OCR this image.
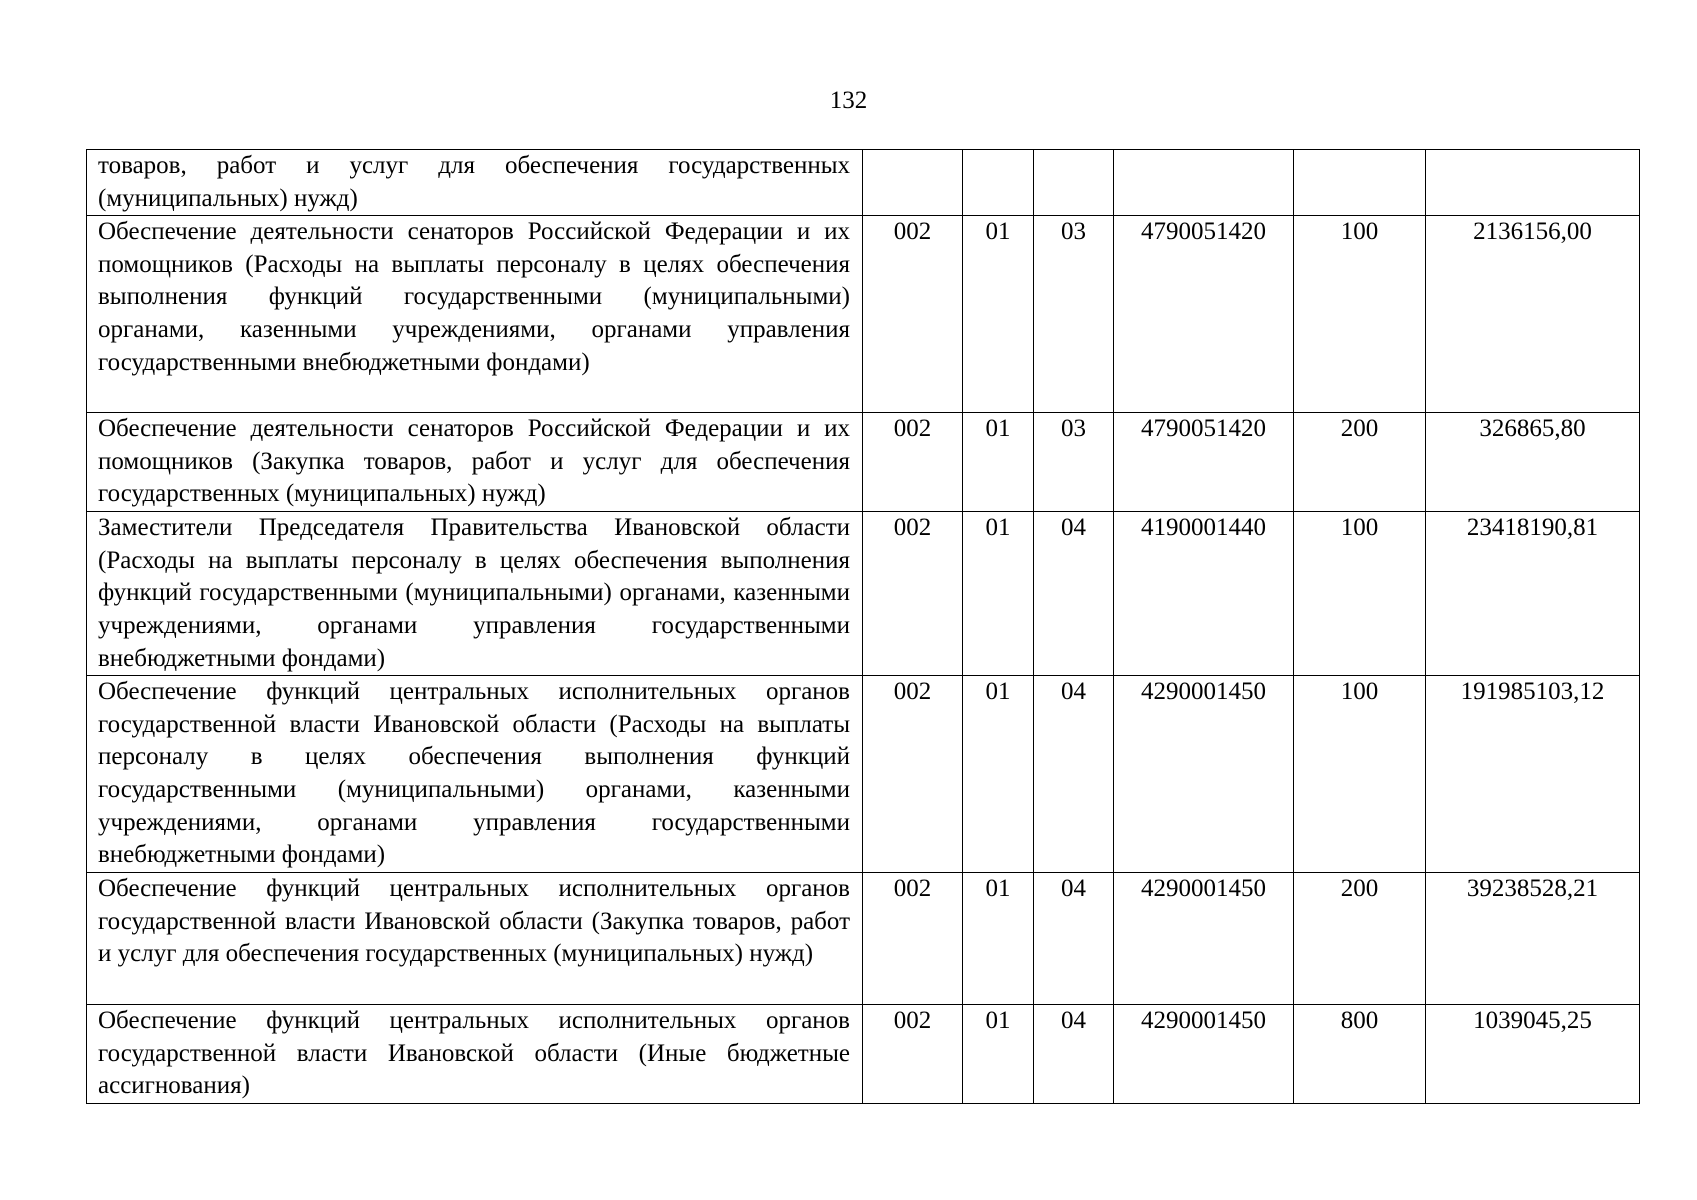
132
товаров, работ и услуг для обеспечения государственных (муниципальных) нужд)						
Обеспечение деятельности сенаторов Российской Федерации и их помощников (Расходы на выплаты персоналу в целях обеспечения выполнения функций государственными (муниципальными) органами, казенными учреждениями, органами управления государственными внебюджетными фондами)	002	01	03	4790051420	100	2136156,00
Обеспечение деятельности сенаторов Российской Федерации и их помощников (Закупка товаров, работ и услуг для обеспечения государственных (муниципальных) нужд)	002	01	03	4790051420	200	326865,80
Заместители Председателя Правительства Ивановской области (Расходы на выплаты персоналу в целях обеспечения выполнения функций государственными (муниципальными) органами, казенными учреждениями, органами управления государственными внебюджетными фондами)	002	01	04	4190001440	100	23418190,81
Обеспечение функций центральных исполнительных органов государственной власти Ивановской области (Расходы на выплаты персоналу в целях обеспечения выполнения функций государственными (муниципальными) органами, казенными учреждениями, органами управления государственными внебюджетными фондами)	002	01	04	4290001450	100	191985103,12
Обеспечение функций центральных исполнительных органов государственной власти Ивановской области (Закупка товаров, работ и услуг для обеспечения государственных (муниципальных) нужд)	002	01	04	4290001450	200	39238528,21
Обеспечение функций центральных исполнительных органов государственной власти Ивановской области (Иные бюджетные ассигнования)	002	01	04	4290001450	800	1039045,25
